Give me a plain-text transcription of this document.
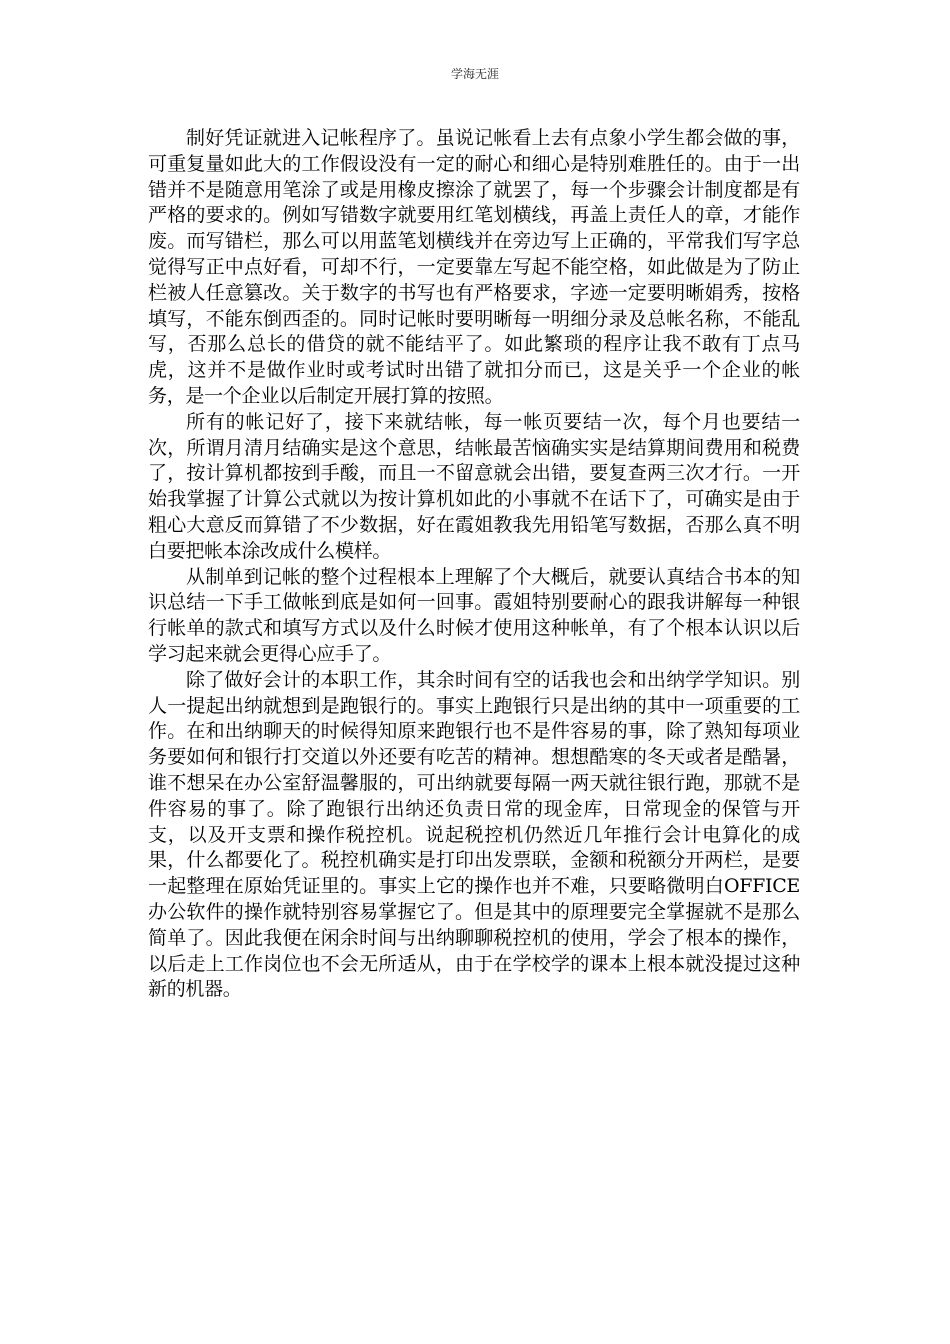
学海无涯

制好凭证就进入记帐程序了。虽说记帐看上去有点象小学生都会做的事，可重复量如此大的工作假设没有一定的耐心和细心是特别难胜任的。由于一出错并不是随意用笔涂了或是用橡皮擦涂了就罢了，每一个步骤会计制度都是有严格的要求的。例如写错数字就要用红笔划横线，再盖上责任人的章，才能作废。而写错栏，那么可以用蓝笔划横线并在旁边写上正确的，平常我们写字总觉得写正中点好看，可却不行，一定要靠左写起不能空格，如此做是为了防止栏被人任意篡改。关于数字的书写也有严格要求，字迹一定要明晰娟秀，按格填写，不能东倒西歪的。同时记帐时要明晰每一明细分录及总帐名称，不能乱写，否那么总长的借贷的就不能结平了。如此繁琐的程序让我不敢有丁点马虎，这并不是做作业时或考试时出错了就扣分而已，这是关乎一个企业的帐务，是一个企业以后制定开展打算的按照。

所有的帐记好了，接下来就结帐，每一帐页要结一次，每个月也要结一次，所谓月清月结确实是这个意思，结帐最苦恼确实实是结算期间费用和税费了，按计算机都按到手酸，而且一不留意就会出错，要复查两三次才行。一开始我掌握了计算公式就以为按计算机如此的小事就不在话下了，可确实是由于粗心大意反而算错了不少数据，好在霞姐教我先用铅笔写数据，否那么真不明白要把帐本涂改成什么模样。

从制单到记帐的整个过程根本上理解了个大概后，就要认真结合书本的知识总结一下手工做帐到底是如何一回事。霞姐特别要耐心的跟我讲解每一种银行帐单的款式和填写方式以及什么时候才使用这种帐单，有了个根本认识以后学习起来就会更得心应手了。

除了做好会计的本职工作，其余时间有空的话我也会和出纳学学知识。别人一提起出纳就想到是跑银行的。事实上跑银行只是出纳的其中一项重要的工作。在和出纳聊天的时候得知原来跑银行也不是件容易的事，除了熟知每项业务要如何和银行打交道以外还要有吃苦的精神。想想酷寒的冬天或者是酷暑，谁不想呆在办公室舒温馨服的，可出纳就要每隔一两天就往银行跑，那就不是件容易的事了。除了跑银行出纳还负责日常的现金库，日常现金的保管与开支，以及开支票和操作税控机。说起税控机仍然近几年推行会计电算化的成果，什么都要化了。税控机确实是打印出发票联，金额和税额分开两栏，是要一起整理在原始凭证里的。事实上它的操作也并不难，只要略微明白OFFICE办公软件的操作就特别容易掌握它了。但是其中的原理要完全掌握就不是那么简单了。因此我便在闲余时间与出纳聊聊税控机的使用，学会了根本的操作，以后走上工作岗位也不会无所适从，由于在学校学的课本上根本就没提过这种新的机器。
